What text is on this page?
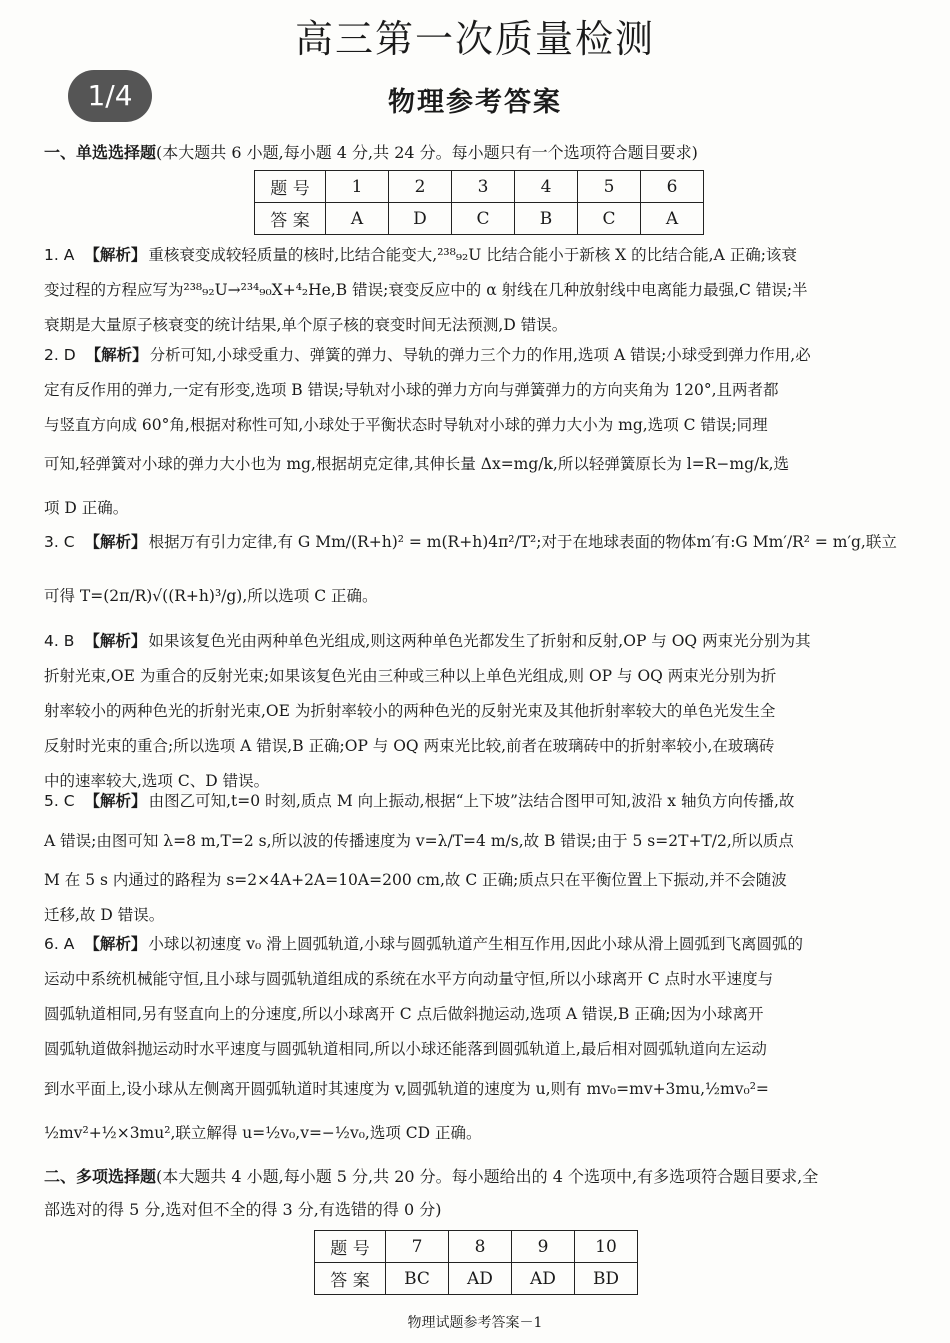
高三第一次质量检测
1/4	物理参考答案
一、单选选择题(本大题共 6 小题,每小题 4 分,共 24 分。每小题只有一个选项符合题目要求)
题 号	1	2	3	4	5	6
答 案	A	D	C	B	C	A
1. A 【解析】 重核衰变成较轻质量的核时,比结合能变大,²³⁸₉₂U 比结合能小于新核 X 的比结合能,A 正确;该衰
变过程的方程应写为²³⁸₉₂U→²³⁴₉₀X+⁴₂He,B 错误;衰变反应中的 α 射线在几种放射线中电离能力最强,C 错误;半
衰期是大量原子核衰变的统计结果,单个原子核的衰变时间无法预测,D 错误。
2. D 【解析】 分析可知,小球受重力、弹簧的弹力、导轨的弹力三个力的作用,选项 A 错误;小球受到弹力作用,必
定有反作用的弹力,一定有形变,选项 B 错误;导轨对小球的弹力方向与弹簧弹力的方向夹角为 120°,且两者都
与竖直方向成 60°角,根据对称性可知,小球处于平衡状态时导轨对小球的弹力大小为 mg,选项 C 错误;同理
可知,轻弹簧对小球的弹力大小也为 mg,根据胡克定律,其伸长量 Δx=mg/k,所以轻弹簧原长为 l=R−mg/k,选
项 D 正确。
3. C 【解析】 根据万有引力定律,有 G Mm/(R+h)² = m(R+h)4π²/T²;对于在地球表面的物体m′有:G Mm′/R² = m′g,联立
可得 T=(2π/R)√((R+h)³/g),所以选项 C 正确。
4. B 【解析】 如果该复色光由两种单色光组成,则这两种单色光都发生了折射和反射,OP 与 OQ 两束光分别为其
折射光束,OE 为重合的反射光束;如果该复色光由三种或三种以上单色光组成,则 OP 与 OQ 两束光分别为折
射率较小的两种色光的折射光束,OE 为折射率较小的两种色光的反射光束及其他折射率较大的单色光发生全
反射时光束的重合;所以选项 A 错误,B 正确;OP 与 OQ 两束光比较,前者在玻璃砖中的折射率较小,在玻璃砖
中的速率较大,选项 C、D 错误。
5. C 【解析】 由图乙可知,t=0 时刻,质点 M 向上振动,根据“上下坡”法结合图甲可知,波沿 x 轴负方向传播,故
A 错误;由图可知 λ=8 m,T=2 s,所以波的传播速度为 v=λ/T=4 m/s,故 B 错误;由于 5 s=2T+T/2,所以质点
M 在 5 s 内通过的路程为 s=2×4A+2A=10A=200 cm,故 C 正确;质点只在平衡位置上下振动,并不会随波
迁移,故 D 错误。
6. A 【解析】 小球以初速度 v₀ 滑上圆弧轨道,小球与圆弧轨道产生相互作用,因此小球从滑上圆弧到飞离圆弧的
运动中系统机械能守恒,且小球与圆弧轨道组成的系统在水平方向动量守恒,所以小球离开 C 点时水平速度与
圆弧轨道相同,另有竖直向上的分速度,所以小球离开 C 点后做斜抛运动,选项 A 错误,B 正确;因为小球离开
圆弧轨道做斜抛运动时水平速度与圆弧轨道相同,所以小球还能落到圆弧轨道上,最后相对圆弧轨道向左运动
到水平面上,设小球从左侧离开圆弧轨道时其速度为 v,圆弧轨道的速度为 u,则有 mv₀=mv+3mu,½mv₀²=
½mv²+½×3mu²,联立解得 u=½v₀,v=−½v₀,选项 CD 正确。
二、多项选择题(本大题共 4 小题,每小题 5 分,共 20 分。每小题给出的 4 个选项中,有多选项符合题目要求,全
部选对的得 5 分,选对但不全的得 3 分,有选错的得 0 分)
题 号	7	8	9	10
答 案	BC	AD	AD	BD
物理试题参考答案－1
